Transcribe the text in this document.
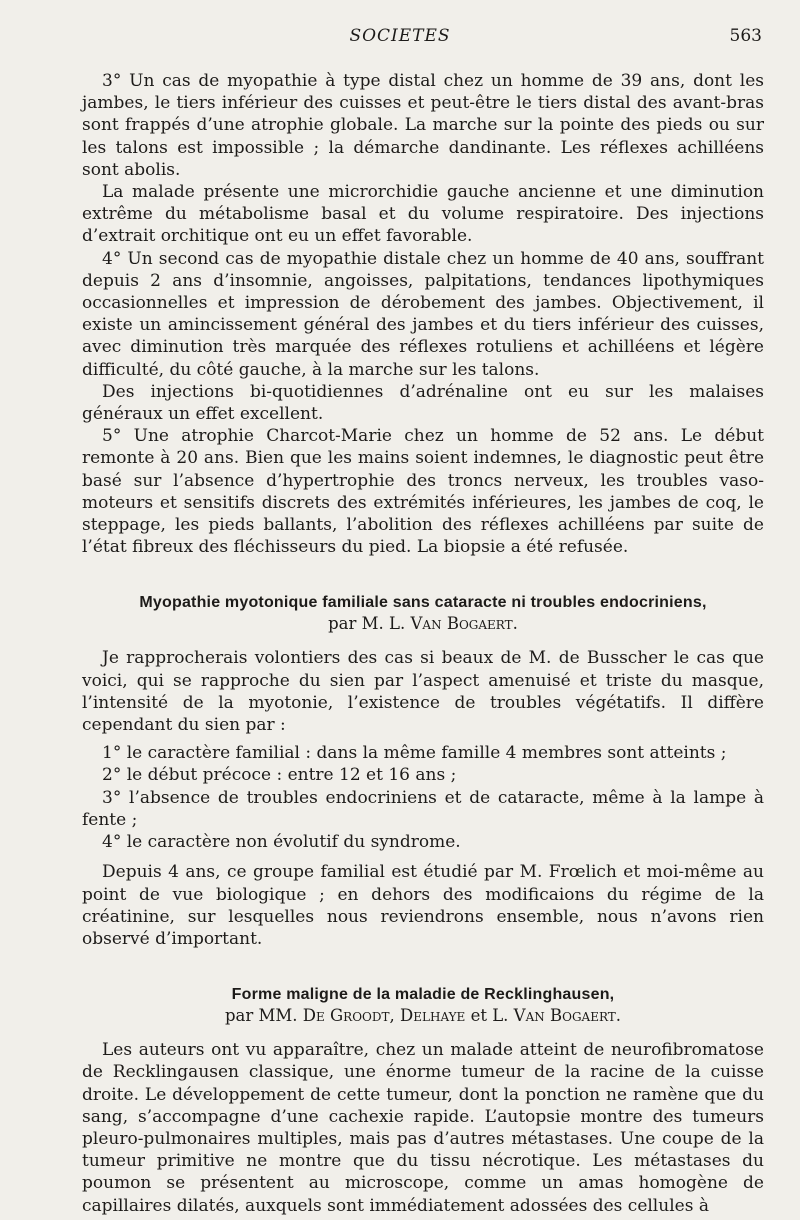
SOCIETES	563

3° Un cas de myopathie à type distal chez un homme de 39 ans, dont les jambes, le tiers inférieur des cuisses et peut-être le tiers distal des avant-bras sont frappés d’une atrophie globale. La marche sur la pointe des pieds ou sur les talons est impossible ; la démarche dandinante. Les réflexes achilléens sont abolis.

La malade présente une microrchidie gauche ancienne et une diminution extrême du métabolisme basal et du volume respiratoire. Des injections d’extrait orchitique ont eu un effet favorable.

4° Un second cas de myopathie distale chez un homme de 40 ans, souffrant depuis 2 ans d’insomnie, angoisses, palpitations, tendances lipothymiques occasionnelles et impression de dérobement des jambes. Objectivement, il existe un amincissement général des jambes et du tiers inférieur des cuisses, avec diminution très marquée des réflexes rotuliens et achilléens et légère difficulté, du côté gauche, à la marche sur les talons.

Des injections bi-quotidiennes d’adrénaline ont eu sur les malaises généraux un effet excellent.

5° Une atrophie Charcot-Marie chez un homme de 52 ans. Le début remonte à 20 ans. Bien que les mains soient indemnes, le diagnostic peut être basé sur l’absence d’hypertrophie des troncs nerveux, les troubles vaso-moteurs et sensitifs discrets des extrémités inférieures, les jambes de coq, le steppage, les pieds ballants, l’abolition des réflexes achilléens par suite de l’état fibreux des fléchisseurs du pied. La biopsie a été refusée.

Myopathie myotonique familiale sans cataracte ni troubles endocriniens,
par M. L. Van Bogaert.

Je rapprocherais volontiers des cas si beaux de M. de Busscher le cas que voici, qui se rapproche du sien par l’aspect amenuisé et triste du masque, l’intensité de la myotonie, l’existence de troubles végétatifs. Il diffère cependant du sien par :

1° le caractère familial : dans la même famille 4 membres sont atteints ;

2° le début précoce : entre 12 et 16 ans ;

3° l’absence de troubles endocriniens et de cataracte, même à la lampe à fente ;

4° le caractère non évolutif du syndrome.

Depuis 4 ans, ce groupe familial est étudié par M. Frœlich et moi-même au point de vue biologique ; en dehors des modificaions du régime de la créatinine, sur lesquelles nous reviendrons ensemble, nous n’avons rien observé d’important.

Forme maligne de la maladie de Recklinghausen,
par MM. De Groodt, Delhaye et L. Van Bogaert.

Les auteurs ont vu apparaître, chez un malade atteint de neurofibromatose de Recklingausen classique, une énorme tumeur de la racine de la cuisse droite. Le développement de cette tumeur, dont la ponction ne ramène que du sang, s’accompagne d’une cachexie rapide. L’autopsie montre des tumeurs pleuro-pulmonaires multiples, mais pas d’autres métastases. Une coupe de la tumeur primitive ne montre que du tissu nécrotique. Les métastases du poumon se présentent au microscope, comme un amas homogène de capillaires dilatés, auxquels sont immédiatement adossées des cellules à
